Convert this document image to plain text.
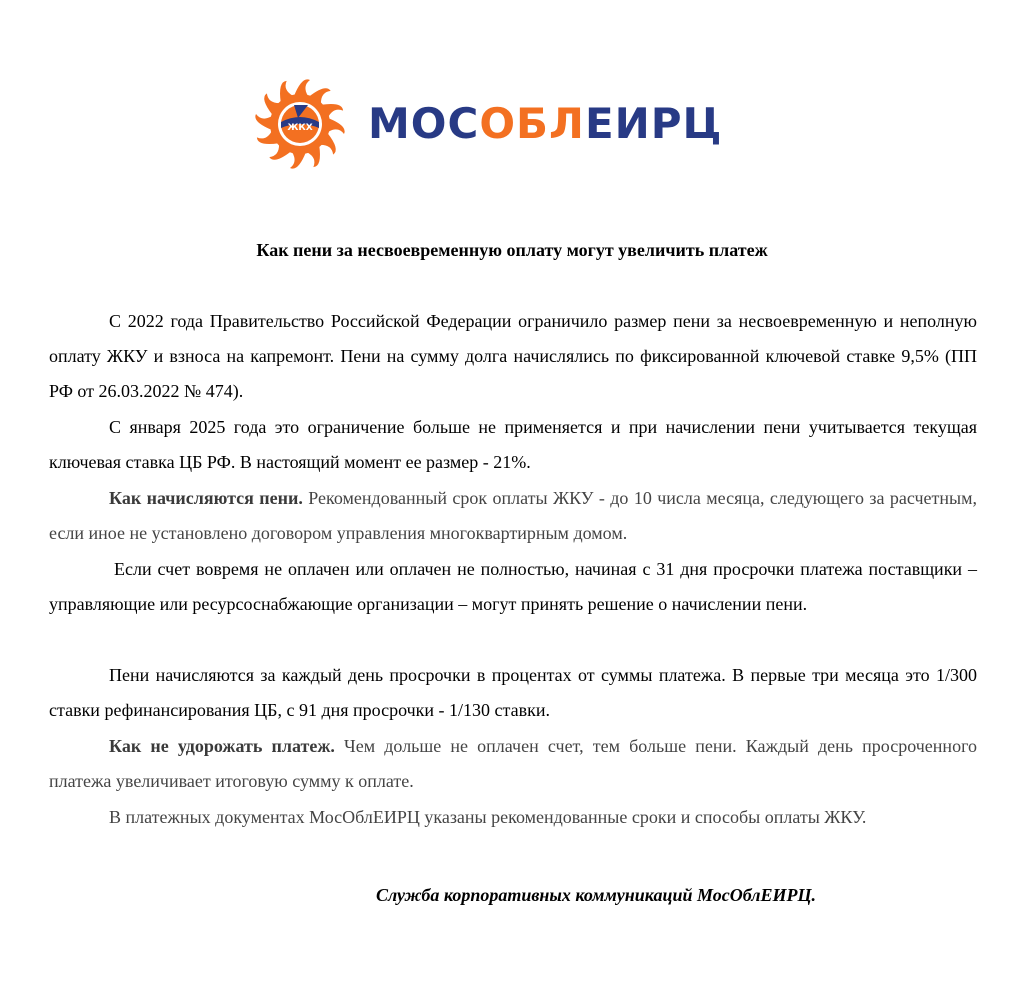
ЖКХ МОСОБЛЕИРЦ
Как пени за несвоевременную оплату могут увеличить платеж

С 2022 года Правительство Российской Федерации ограничило размер пени за несвоевременную и неполную оплату ЖКУ и взноса на капремонт. Пени на сумму долга начислялись по фиксированной ключевой ставке 9,5% (ПП РФ от 26.03.2022 № 474).

С января 2025 года это ограничение больше не применяется и при начислении пени учитывается текущая ключевая ставка ЦБ РФ. В настоящий момент ее размер - 21%.

Как начисляются пени. Рекомендованный срок оплаты ЖКУ - до 10 числа месяца, следующего за расчетным, если иное не установлено договором управления многоквартирным домом.

Если счет вовремя не оплачен или оплачен не полностью, начиная с 31 дня просрочки платежа поставщики – управляющие или ресурсоснабжающие организации – могут принять решение о начислении пени.

Пени начисляются за каждый день просрочки в процентах от суммы платежа. В первые три месяца это 1/300 ставки рефинансирования ЦБ, с 91 дня просрочки - 1/130 ставки.

Как не удорожать платеж. Чем дольше не оплачен счет, тем больше пени. Каждый день просроченного платежа увеличивает итоговую сумму к оплате.

В платежных документах МосОблЕИРЦ указаны рекомендованные сроки и способы оплаты ЖКУ.

Служба корпоративных коммуникаций МосОблЕИРЦ.
